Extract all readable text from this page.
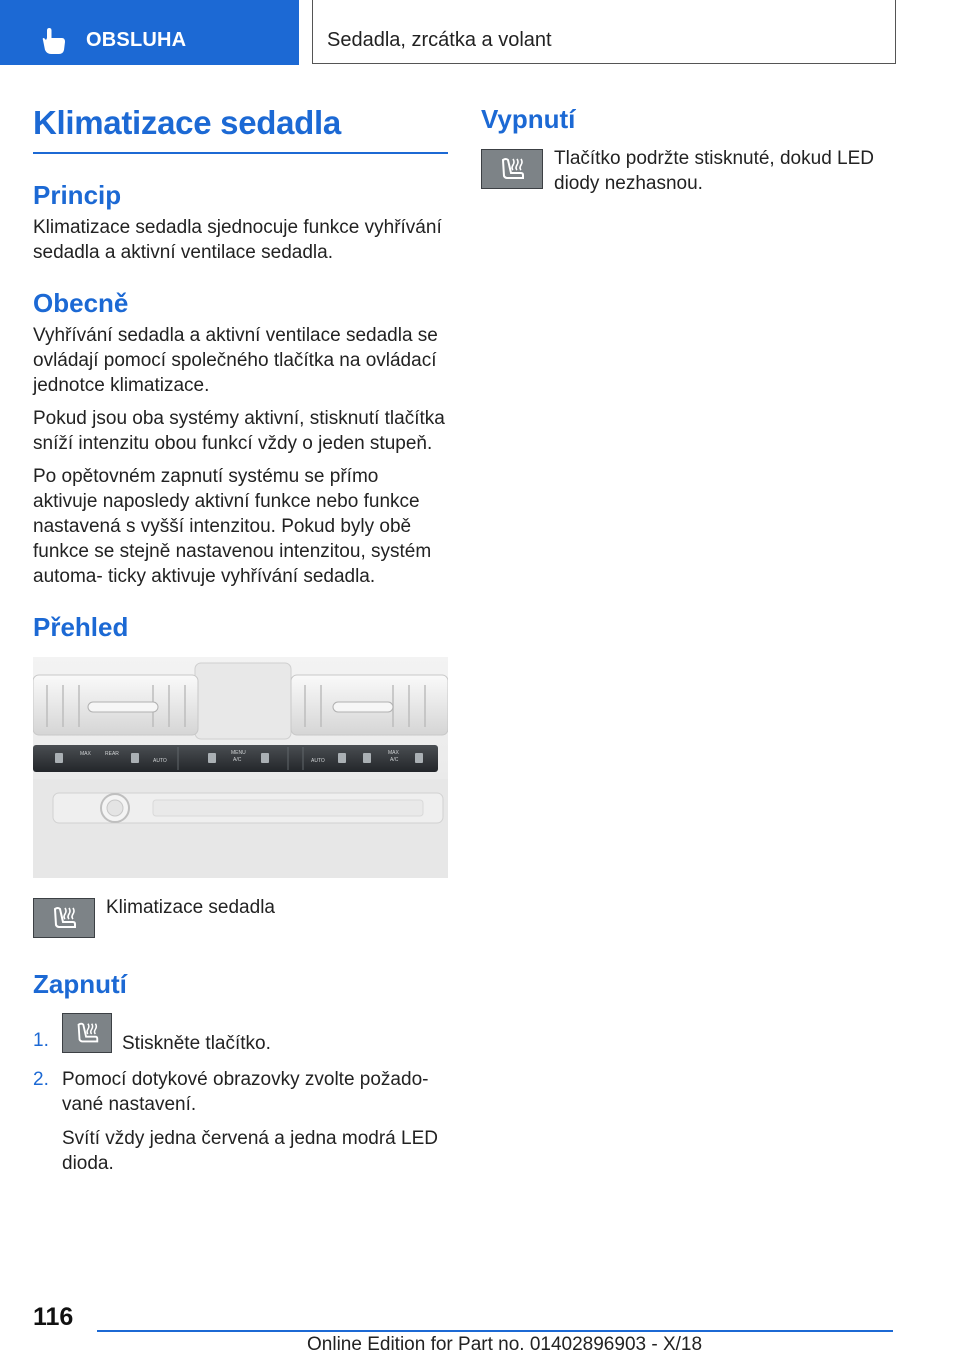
OBSLUHA	Sedadla, zrcátka a volant
Klimatizace sedadla
Princip

Klimatizace sedadla sjednocuje funkce vyhřívání sedadla a aktivní ventilace sedadla.

Obecně

Vyhřívání sedadla a aktivní ventilace sedadla se ovládají pomocí společného tlačítka na ovládací jednotce klimatizace.

Pokud jsou oba systémy aktivní, stisknutí tlačítka sníží intenzitu obou funkcí vždy o jeden stupeň.

Po opětovném zapnutí systému se přímo aktivuje naposledy aktivní funkce nebo funkce nastavená s vyšší intenzitou. Pokud byly obě funkce se stejně nastavenou intenzitou, systém automa- ticky aktivuje vyhřívání sedadla.

Přehled
MAX	REAR
AUTO
MENU
A/C	AUTO
MAX
A/C

Klimatizace sedadla

Zapnutí
1.	Stiskněte tlačítko.

2. Pomocí dotykové obrazovky zvolte požado- vané nastavení.

Svítí vždy jedna červená a jedna modrá LED dioda.

Vypnutí

Tlačítko podržte stisknuté, dokud LED diody nezhasnou.

116
Online Edition for Part no. 01402896903 - X/18
